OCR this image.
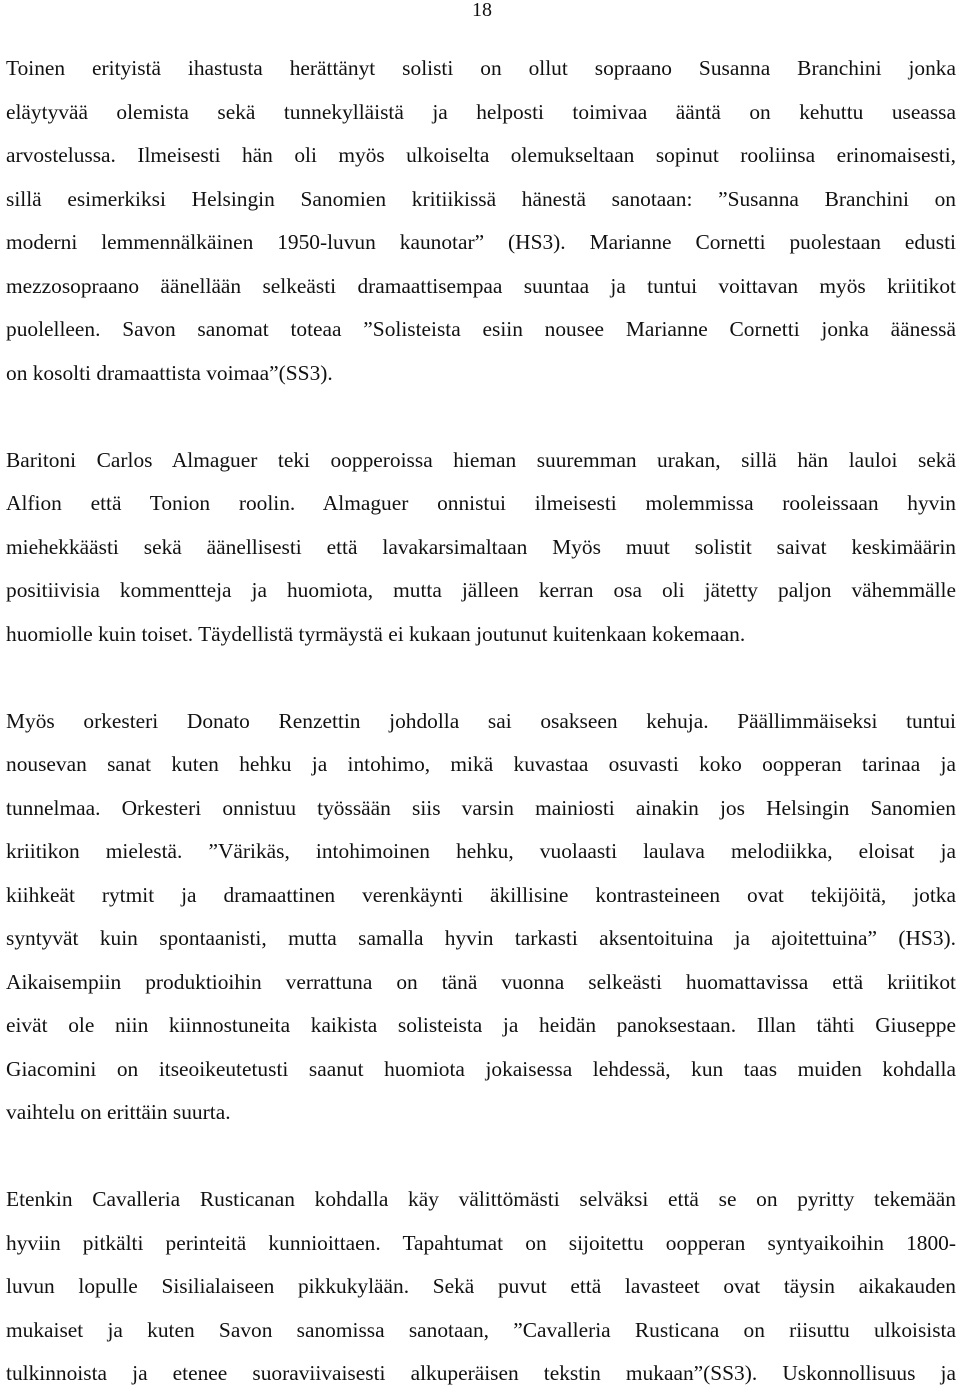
18
Toinen erityistä ihastusta herättänyt solisti on ollut sopraano Susanna Branchini jonka
eläytyvää olemista sekä tunnekylläistä ja helposti toimivaa ääntä on kehuttu useassa
arvostelussa. Ilmeisesti hän oli myös ulkoiselta olemukseltaan sopinut rooliinsa erinomaisesti,
sillä esimerkiksi Helsingin Sanomien kritiikissä hänestä sanotaan: ”Susanna Branchini on
moderni lemmennälkäinen 1950-luvun kaunotar” (HS3). Marianne Cornetti puolestaan edusti
mezzosopraano äänellään selkeästi dramaattisempaa suuntaa ja tuntui voittavan myös kriitikot
puolelleen. Savon sanomat toteaa ”Solisteista esiin nousee Marianne Cornetti jonka äänessä
on kosolti dramaattista voimaa”(SS3).
Baritoni Carlos Almaguer teki oopperoissa hieman suuremman urakan, sillä hän lauloi sekä
Alfion että Tonion roolin. Almaguer onnistui ilmeisesti molemmissa rooleissaan hyvin
miehekkäästi sekä äänellisesti että lavakarsimaltaan Myös muut solistit saivat keskimäärin
positiivisia kommentteja ja huomiota, mutta jälleen kerran osa oli jätetty paljon vähemmälle
huomiolle kuin toiset. Täydellistä tyrmäystä ei kukaan joutunut kuitenkaan kokemaan.
Myös orkesteri Donato Renzettin johdolla sai osakseen kehuja. Päällimmäiseksi tuntui
nousevan sanat kuten hehku ja intohimo, mikä kuvastaa osuvasti koko oopperan tarinaa ja
tunnelmaa. Orkesteri onnistuu työssään siis varsin mainiosti ainakin jos Helsingin Sanomien
kriitikon mielestä. ”Värikäs, intohimoinen hehku, vuolaasti laulava melodiikka, eloisat ja
kiihkeät rytmit ja dramaattinen verenkäynti äkillisine kontrasteineen ovat tekijöitä, jotka
syntyvät kuin spontaanisti, mutta samalla hyvin tarkasti aksentoituina ja ajoitettuina” (HS3).
Aikaisempiin produktioihin verrattuna on tänä vuonna selkeästi huomattavissa että kriitikot
eivät ole niin kiinnostuneita kaikista solisteista ja heidän panoksestaan. Illan tähti Giuseppe
Giacomini on itseoikeutetusti saanut huomiota jokaisessa lehdessä, kun taas muiden kohdalla
vaihtelu on erittäin suurta.
Etenkin Cavalleria Rusticanan kohdalla käy välittömästi selväksi että se on pyritty tekemään
hyviin pitkälti perinteitä kunnioittaen. Tapahtumat on sijoitettu oopperan syntyaikoihin 1800-
luvun lopulle Sisilialaiseen pikkukylään. Sekä puvut että lavasteet ovat täysin aikakauden
mukaiset ja kuten Savon sanomissa sanotaan, ”Cavalleria Rusticana on riisuttu ulkoisista
tulkinnoista ja etenee suoraviivaisesti alkuperäisen tekstin mukaan”(SS3). Uskonnollisuus ja
